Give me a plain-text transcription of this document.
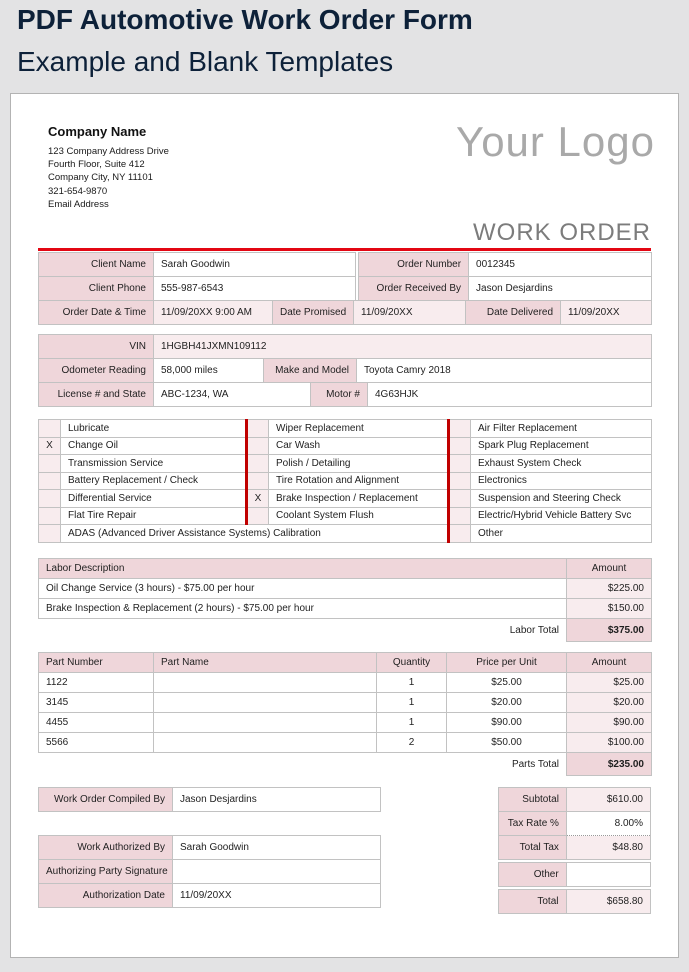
PDF Automotive Work Order Form
Example and Blank Templates
Company Name
123 Company Address Drive
Fourth Floor, Suite 412
Company City, NY 11101
321-654-9870
Email Address
Your Logo
WORK ORDER
Client Name	Sarah Goodwin				Order Number		0012345	
Client Phone	555-987-6543				Order Received By		Jason Desjardins	
Order Date & Time	11/09/20XX 9:00 AM	Date Promised	11/09/20XX			Date Delivered		11/09/20XX
VIN	1HGBH41JXMN109112				
Odometer Reading	58,000 miles	Make and Model		Toyota Camry 2018	
License # and State	ABC-1234, WA		Motor #		4G63HJK
	Lubricate		Wiper Replacement		Air Filter Replacement
X	Change Oil		Car Wash		Spark Plug Replacement
	Transmission Service		Polish / Detailing		Exhaust System Check
	Battery Replacement / Check		Tire Rotation and Alignment		Electronics
	Differential Service	X	Brake Inspection / Replacement		Suspension and Steering Check
	Flat Tire Repair		Coolant System Flush		Electric/Hybrid Vehicle Battery Svc
	ADAS (Advanced Driver Assistance Systems) Calibration				Other
Labor Description	Amount
Oil Change Service (3 hours) - $75.00 per hour	$225.00
Brake Inspection & Replacement (2 hours) - $75.00 per hour	$150.00
Labor Total	$375.00
Part Number	Part Name	Quantity	Price per Unit	Amount
1122		1	$25.00	$25.00
3145		1	$20.00	$20.00
4455		1	$90.00	$90.00
5566		2	$50.00	$100.00
Parts Total				$235.00
Work Order Compiled By	Jason Desjardins
Work Authorized By	Sarah Goodwin
Authorizing Party Signature	
Authorization Date	11/09/20XX
Subtotal	$610.00
Tax Rate %	8.00%
Total Tax	$48.80
Other	
Total	$658.80
